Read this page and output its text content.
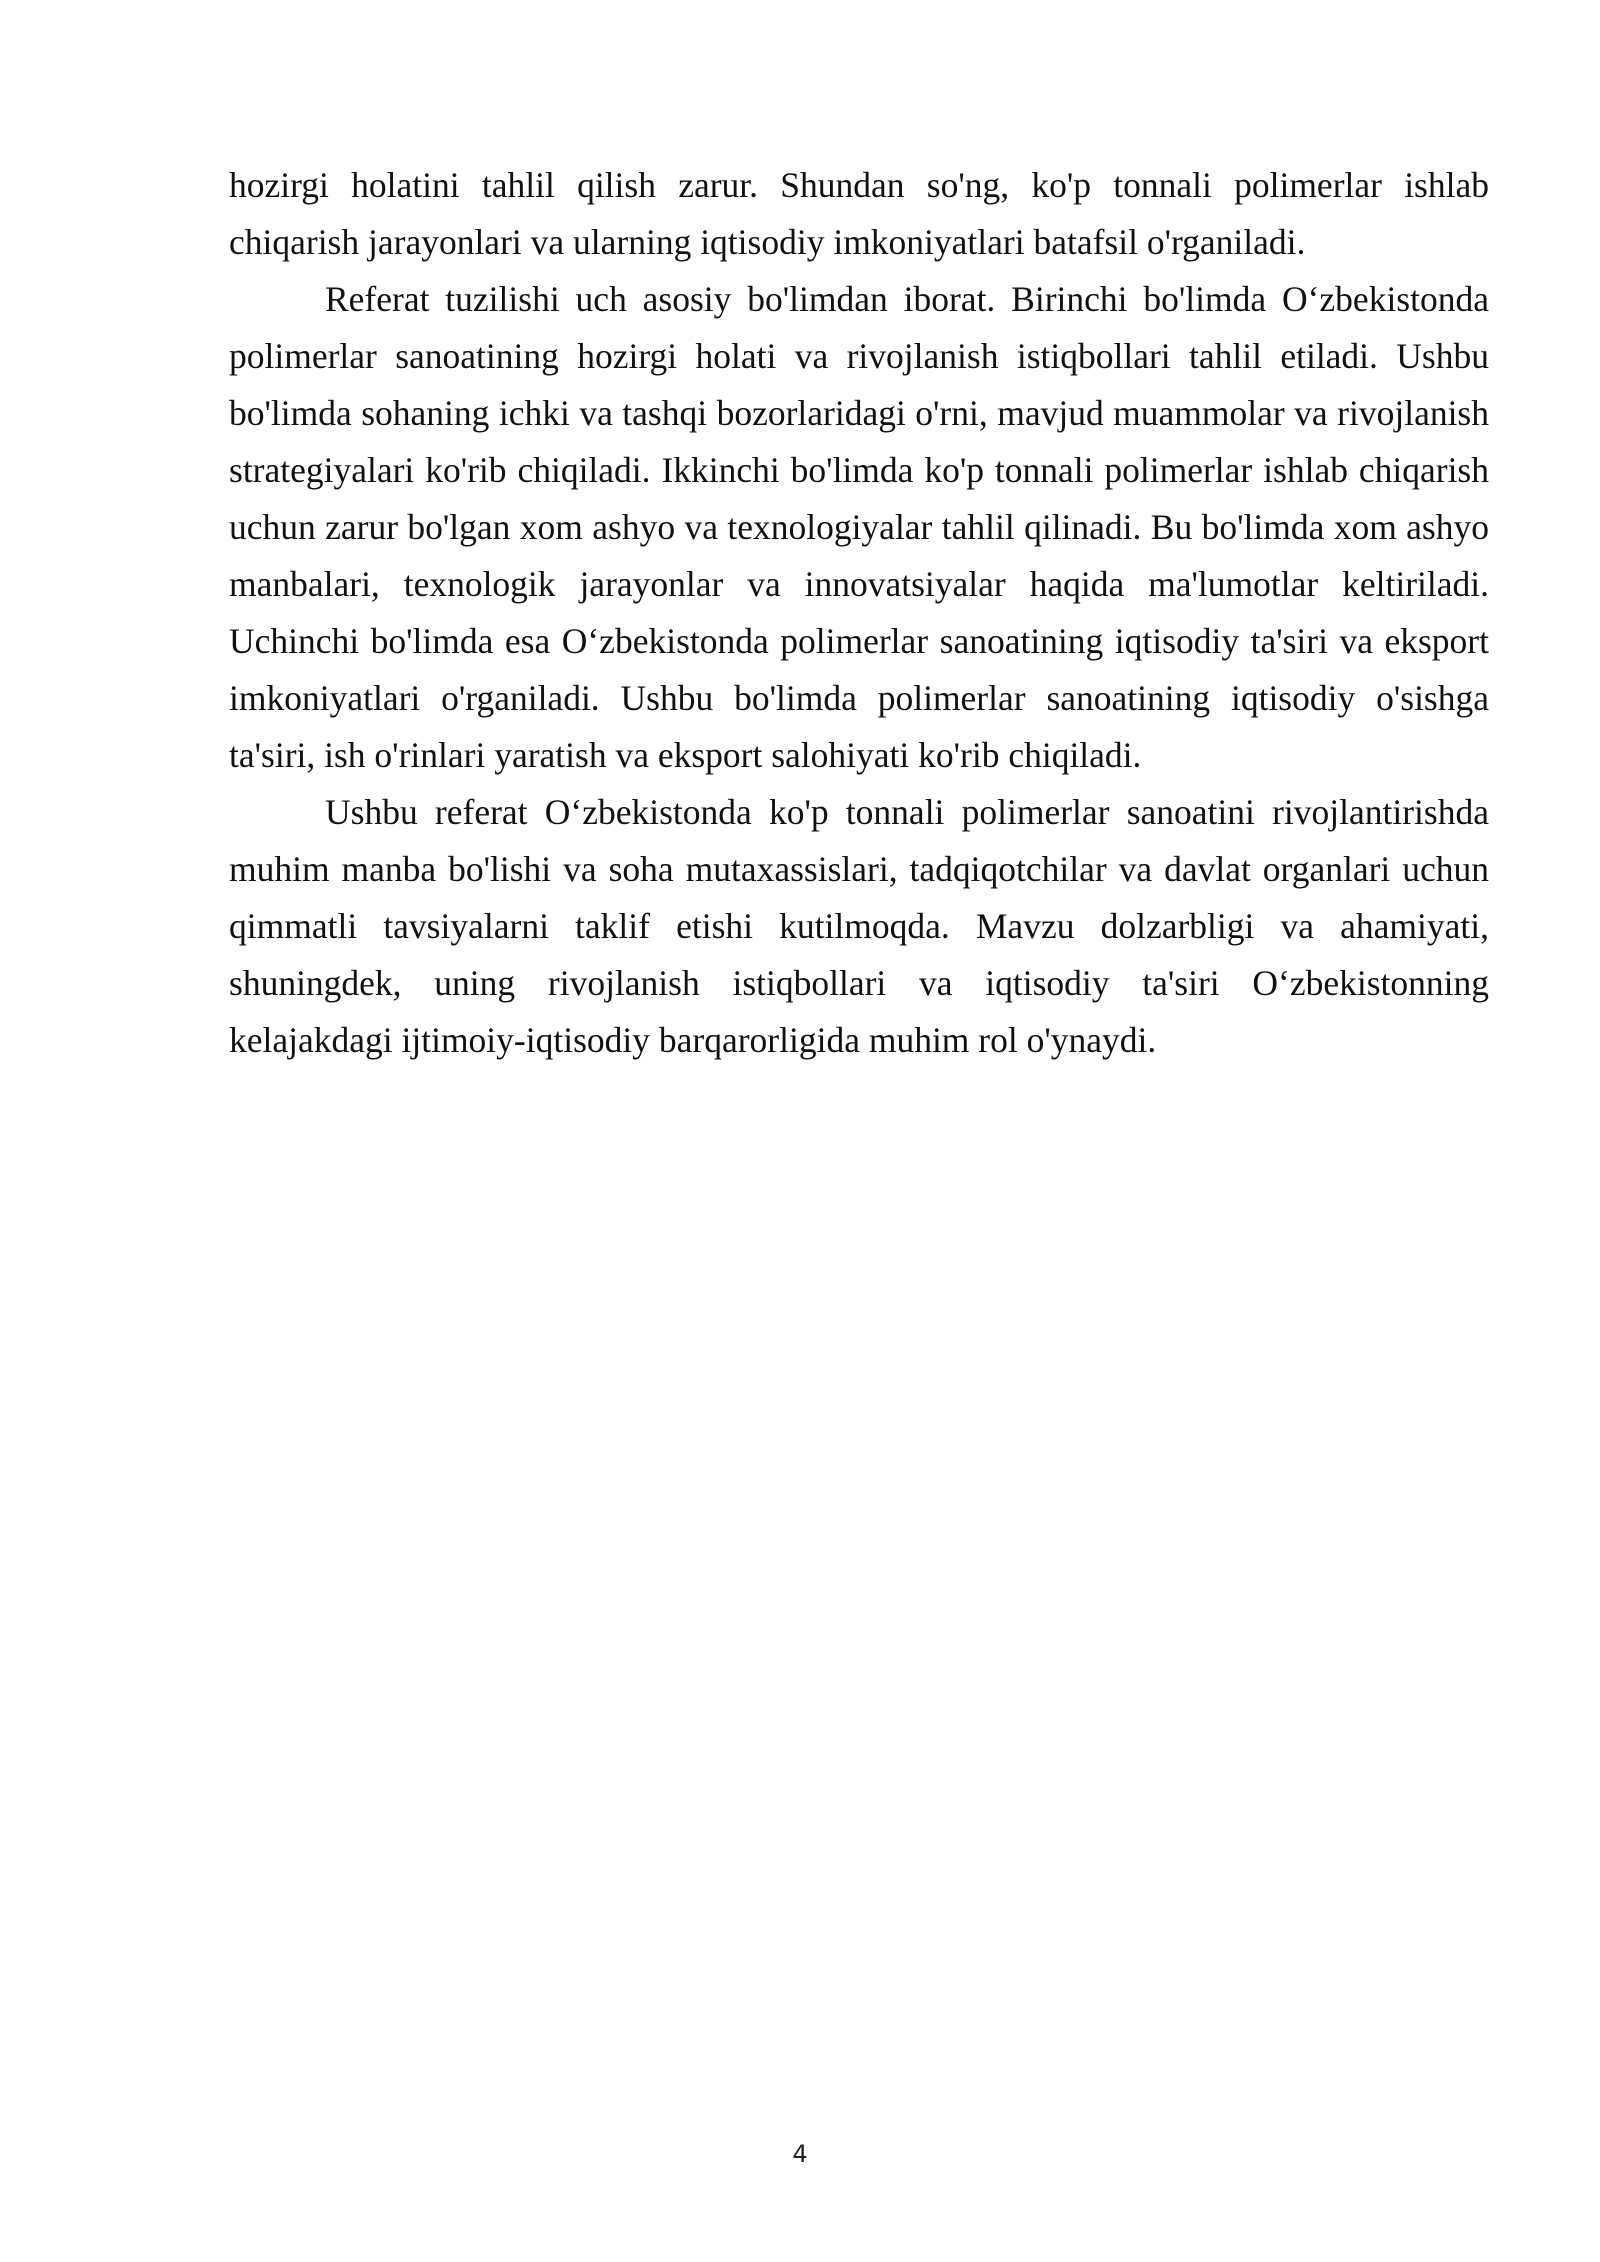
hozirgi holatini tahlil qilish zarur. Shundan so'ng, ko'p tonnali polimerlar ishlab chiqarish jarayonlari va ularning iqtisodiy imkoniyatlari batafsil o'rganiladi.

Referat tuzilishi uch asosiy bo'limdan iborat. Birinchi bo'limda O‘zbekistonda polimerlar sanoatining hozirgi holati va rivojlanish istiqbollari tahlil etiladi. Ushbu bo'limda sohaning ichki va tashqi bozorlaridagi o'rni, mavjud muammolar va rivojlanish strategiyalari ko'rib chiqiladi. Ikkinchi bo'limda ko'p tonnali polimerlar ishlab chiqarish uchun zarur bo'lgan xom ashyo va texnologiyalar tahlil qilinadi. Bu bo'limda xom ashyo manbalari, texnologik jarayonlar va innovatsiyalar haqida ma'lumotlar keltiriladi. Uchinchi bo'limda esa O‘zbekistonda polimerlar sanoatining iqtisodiy ta'siri va eksport imkoniyatlari o'rganiladi. Ushbu bo'limda polimerlar sanoatining iqtisodiy o'sishga ta'siri, ish o'rinlari yaratish va eksport salohiyati ko'rib chiqiladi.

Ushbu referat O‘zbekistonda ko'p tonnali polimerlar sanoatini rivojlantirishda muhim manba bo'lishi va soha mutaxassislari, tadqiqotchilar va davlat organlari uchun qimmatli tavsiyalarni taklif etishi kutilmoqda. Mavzu dolzarbligi va ahamiyati, shuningdek, uning rivojlanish istiqbollari va iqtisodiy ta'siri O‘zbekistonning kelajakdagi ijtimoiy-iqtisodiy barqarorligida muhim rol o'ynaydi.

4
